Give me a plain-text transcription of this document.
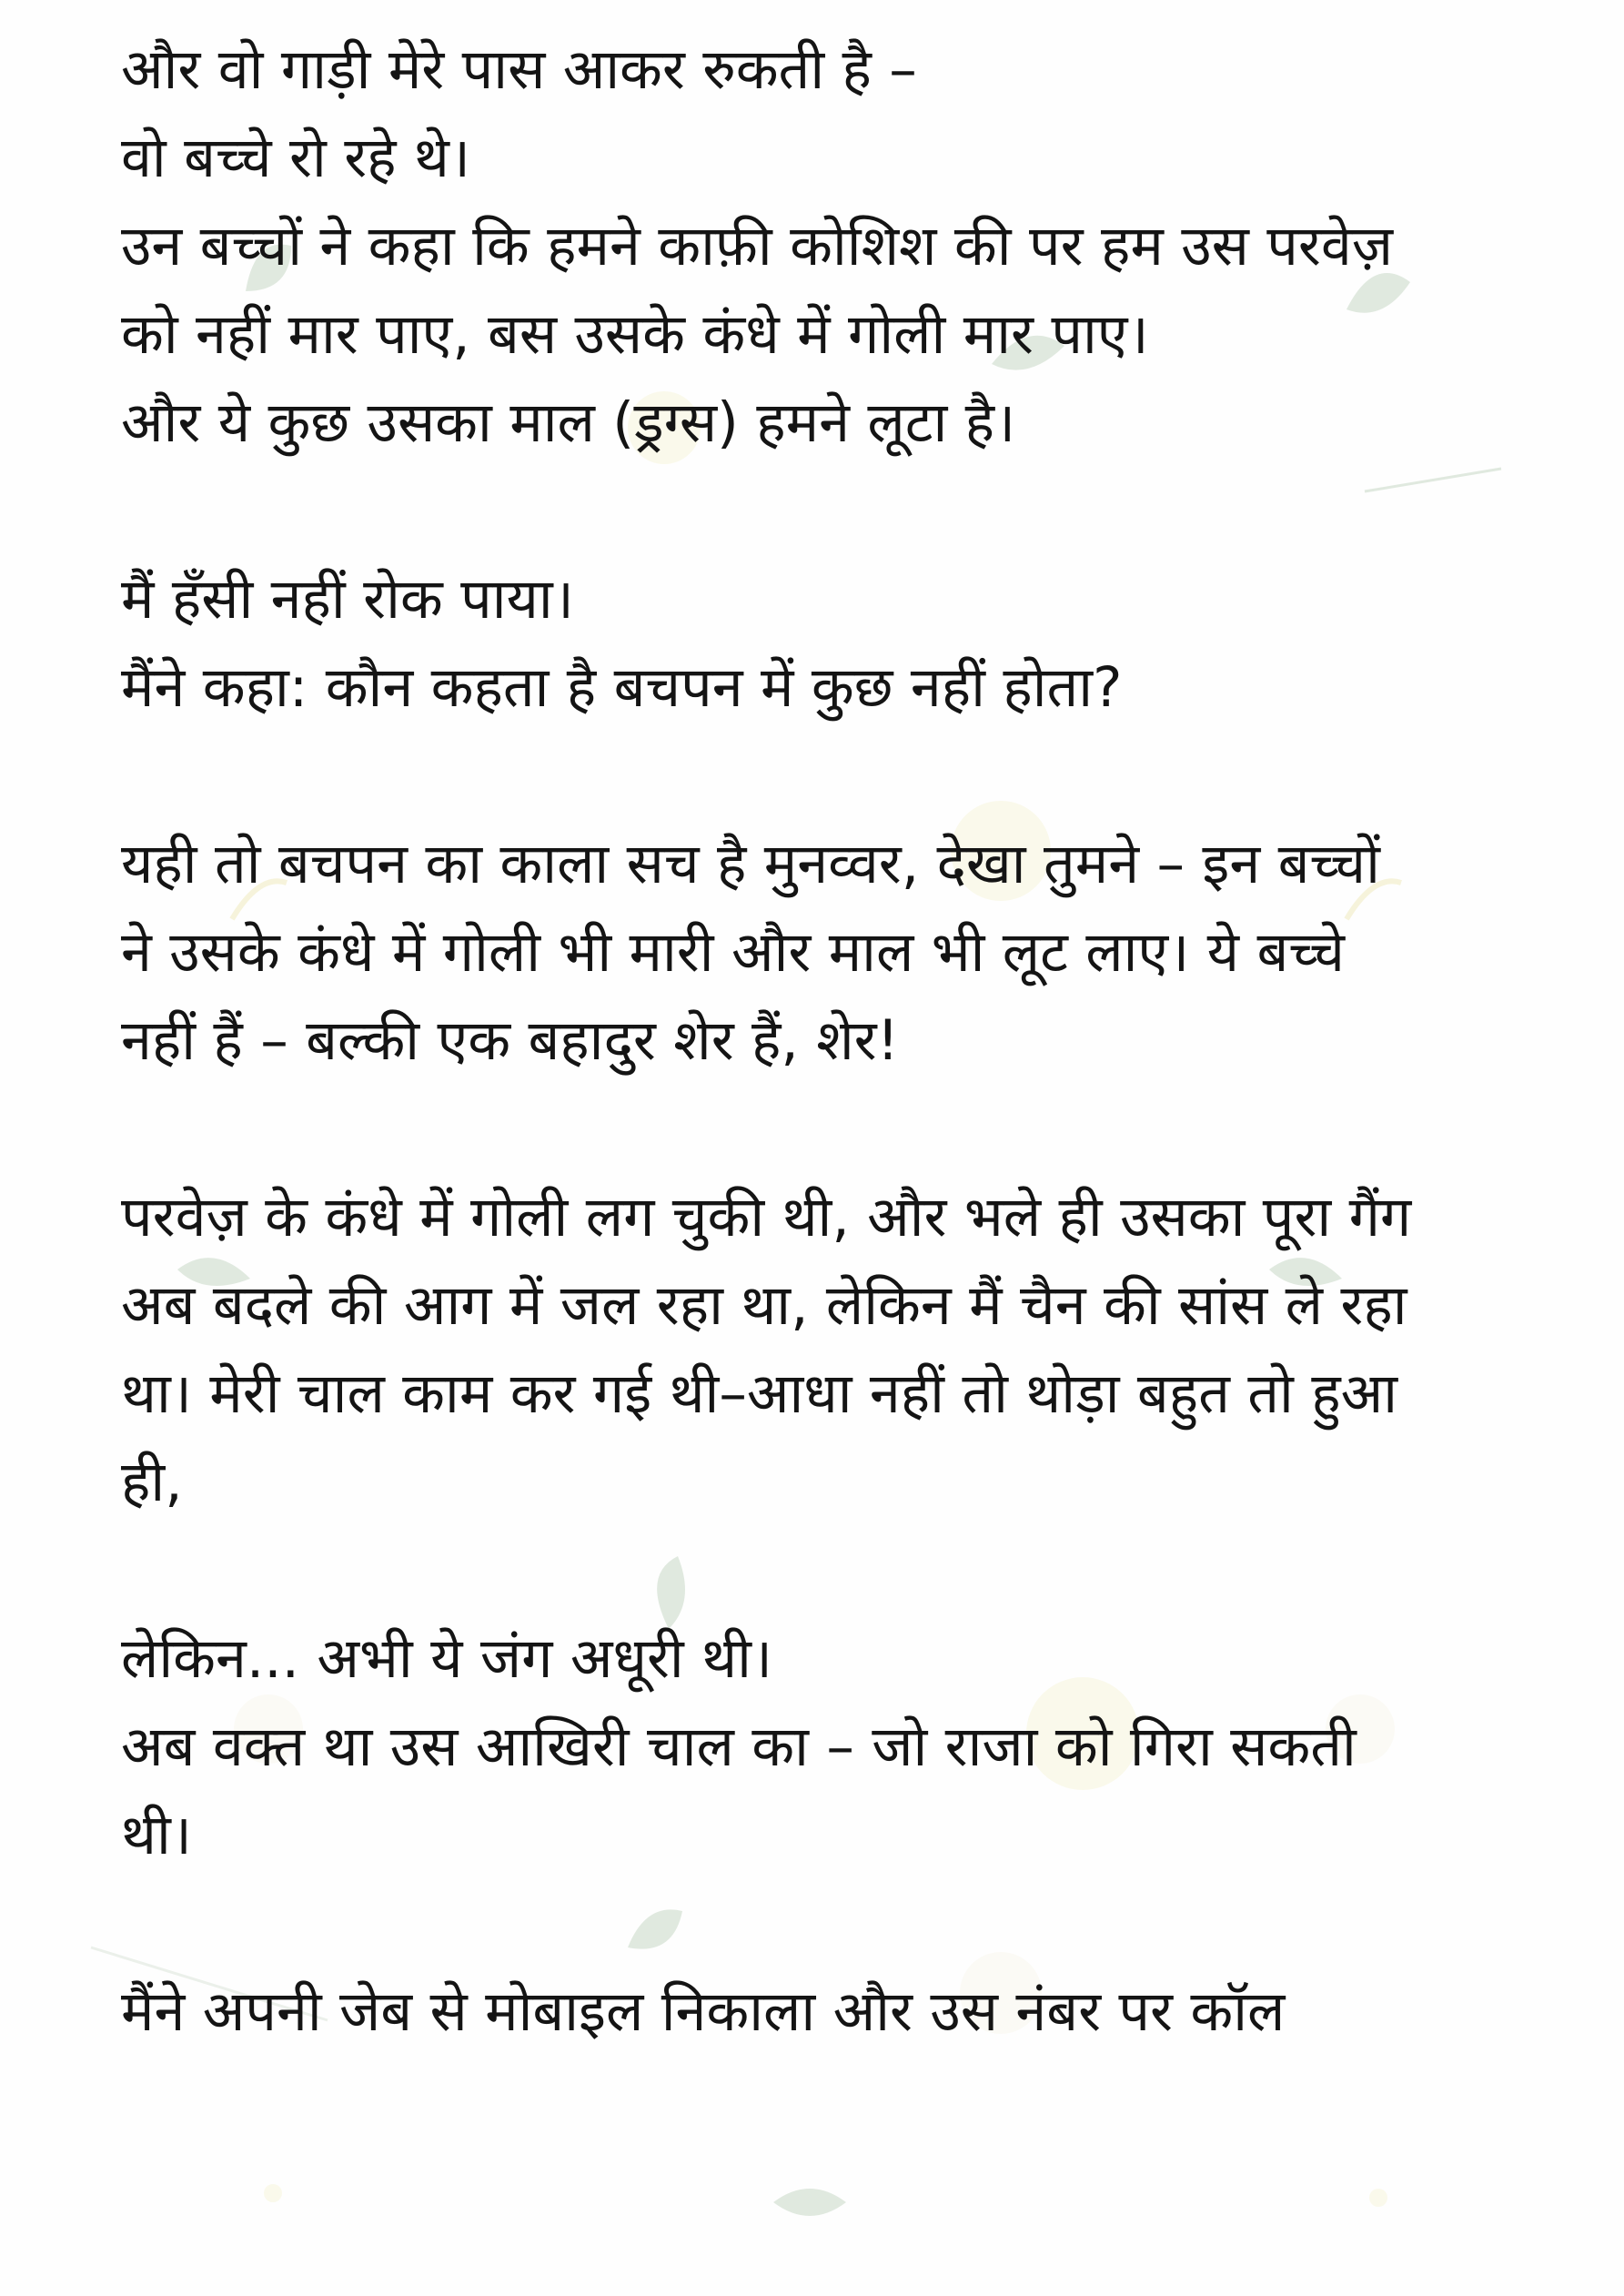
और वो गाड़ी मेरे पास आकर रुकती है –
वो बच्चे रो रहे थे।
उन बच्चों ने कहा कि हमने काफ़ी कोशिश की पर हम उस परवेज़
को नहीं मार पाए, बस उसके कंधे में गोली मार पाए।
और ये कुछ उसका माल (ड्रग्स) हमने लूटा है।
मैं हँसी नहीं रोक पाया।
मैंने कहा: कौन कहता है बचपन में कुछ नहीं होता?
यही तो बचपन का काला सच है मुनव्वर, देखा तुमने – इन बच्चों
ने उसके कंधे में गोली भी मारी और माल भी लूट लाए। ये बच्चे
नहीं हैं – बल्की एक बहादुर शेर हैं, शेर!
परवेज़ के कंधे में गोली लग चुकी थी, और भले ही उसका पूरा गैंग
अब बदले की आग में जल रहा था, लेकिन मैं चैन की सांस ले रहा
था। मेरी चाल काम कर गई थी–आधा नहीं तो थोड़ा बहुत तो हुआ
ही,
लेकिन... अभी ये जंग अधूरी थी।
अब वक्त था उस आखिरी चाल का – जो राजा को गिरा सकती
थी।
मैंने अपनी जेब से मोबाइल निकाला और उस नंबर पर कॉल
